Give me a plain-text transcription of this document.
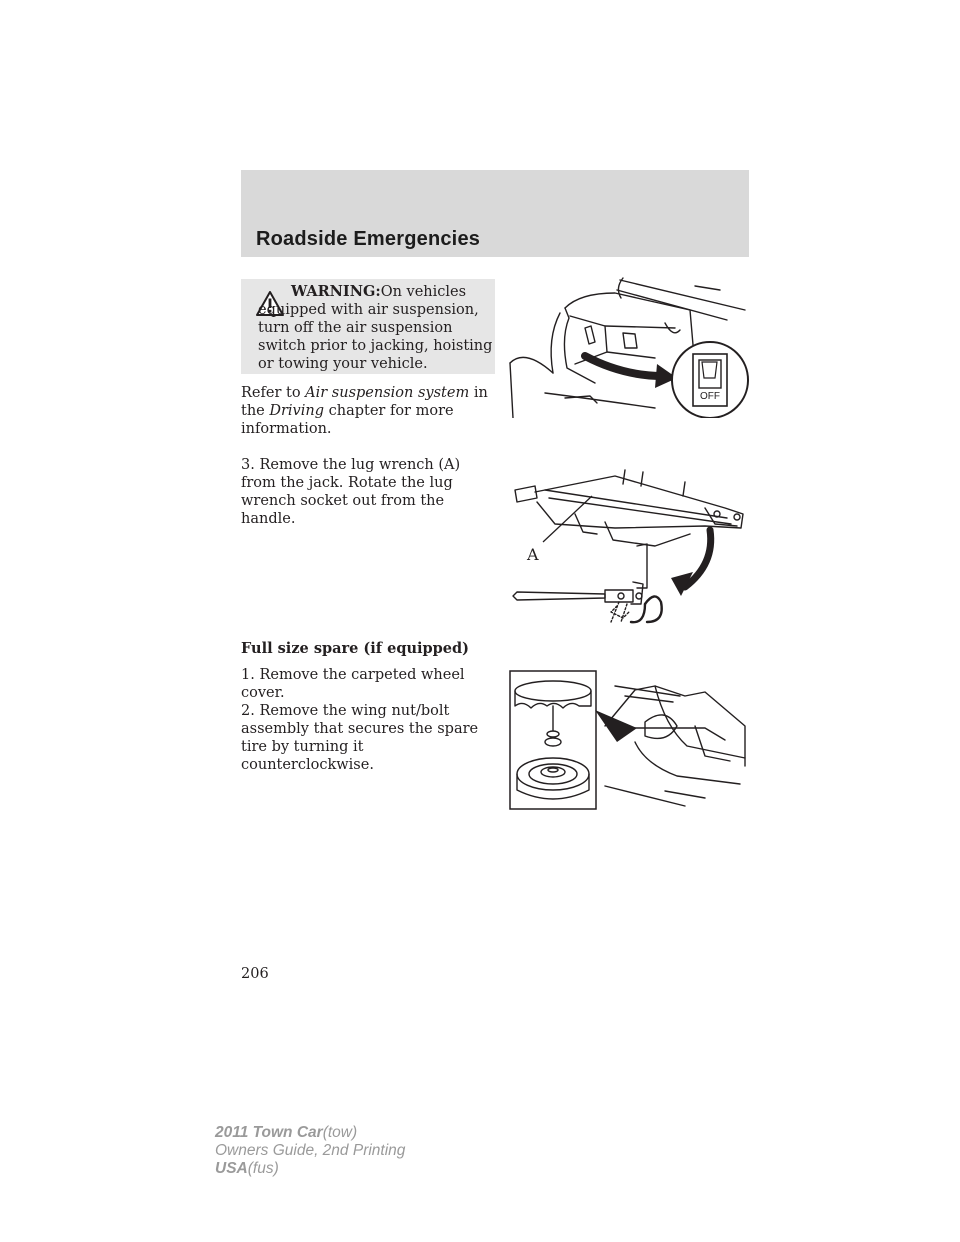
Roadside Emergencies
WARNING:On vehicles equipped with air suspension, turn off the air suspension switch prior to jacking, hoisting or towing your vehicle.
Refer to Air suspension system in the Driving chapter for more information.
3. Remove the lug wrench (A) from the jack. Rotate the lug wrench socket out from the handle.
Full size spare (if equipped)
1. Remove the carpeted wheel cover.
2. Remove the wing nut/bolt assembly that secures the spare tire by turning it counterclockwise.
OFF
A
206
2011 Town Car(tow)
Owners Guide, 2nd Printing
USA(fus)
